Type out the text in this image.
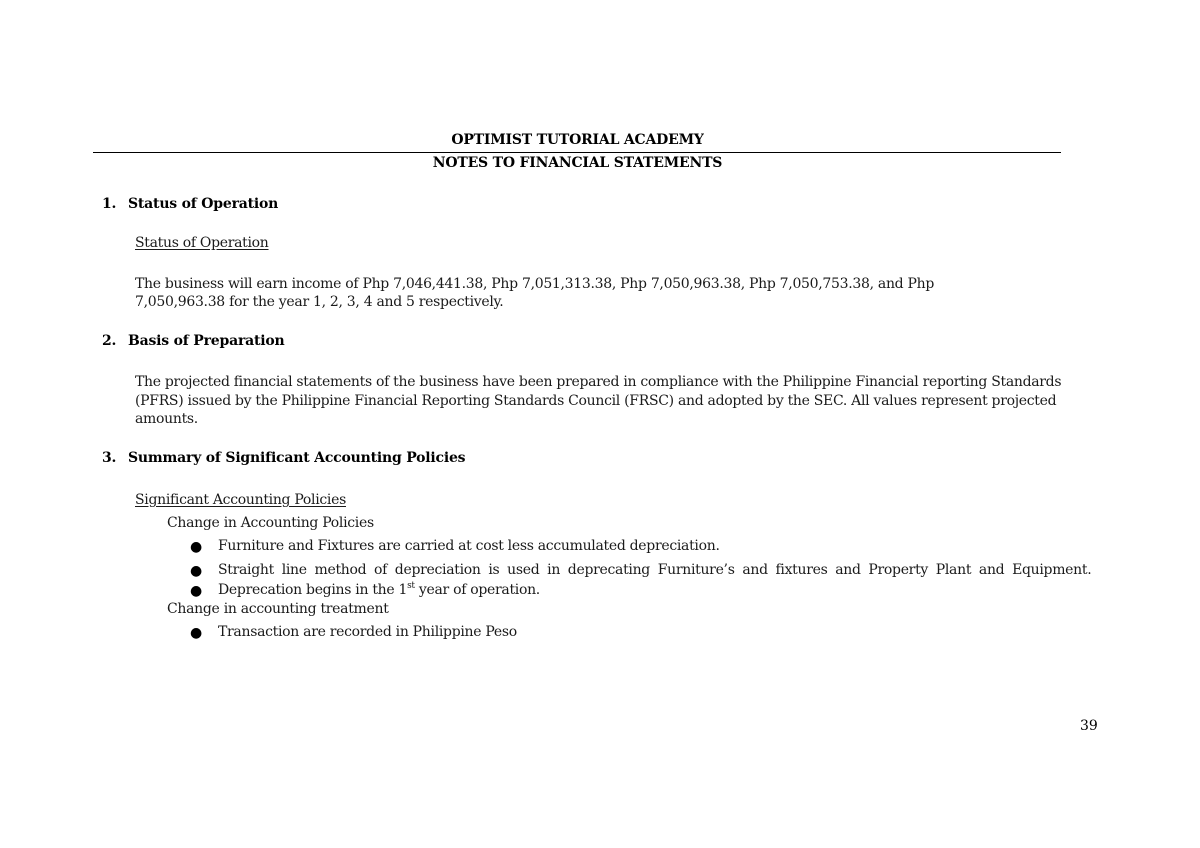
OPTIMIST TUTORIAL ACADEMY
NOTES TO FINANCIAL STATEMENTS
1. Status of Operation
Status of Operation
The business will earn income of Php 7,046,441.38, Php 7,051,313.38, Php 7,050,963.38, Php 7,050,753.38, and Php
7,050,963.38 for the year 1, 2, 3, 4 and 5 respectively.
2. Basis of Preparation
The projected financial statements of the business have been prepared in compliance with the Philippine Financial reporting Standards
(PFRS) issued by the Philippine Financial Reporting Standards Council (FRSC) and adopted by the SEC. All values represent projected
amounts.
3. Summary of Significant Accounting Policies
Significant Accounting Policies
Change in Accounting Policies
● Furniture and Fixtures are carried at cost less accumulated depreciation.
● Straight line method of depreciation is used in deprecating Furniture’s and fixtures and Property Plant and Equipment.
● Deprecation begins in the 1st year of operation.
Change in accounting treatment
● Transaction are recorded in Philippine Peso
39
